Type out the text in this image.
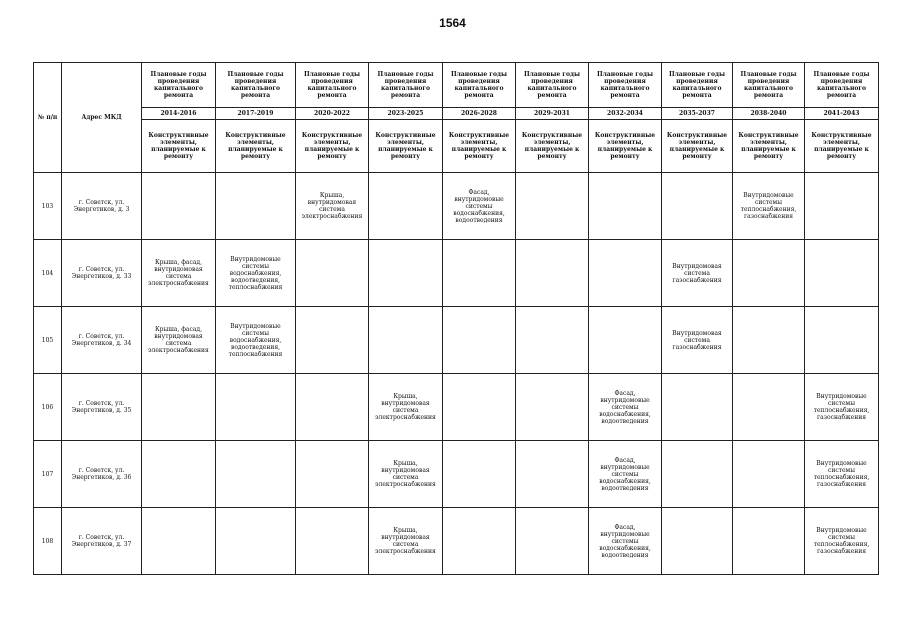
1564
№ п/п	Адрес МКД	Плановые годы проведения капитального ремонта	Плановые годы проведения капитального ремонта	Плановые годы проведения капитального ремонта	Плановые годы проведения капитального ремонта	Плановые годы проведения капитального ремонта	Плановые годы проведения капитального ремонта	Плановые годы проведения капитального ремонта	Плановые годы проведения капитального ремонта	Плановые годы проведения капитального ремонта	Плановые годы проведения капитального ремонта
		2014-2016	2017-2019	2020-2022	2023-2025	2026-2028	2029-2031	2032-2034	2035-2037	2038-2040	2041-2043
		Конструктивные элементы, планируемые к ремонту	Конструктивные элементы, планируемые к ремонту	Конструктивные элементы, планируемые к ремонту	Конструктивные элементы, планируемые к ремонту	Конструктивные элементы, планируемые к ремонту	Конструктивные элементы, планируемые к ремонту	Конструктивные элементы, планируемые к ремонту	Конструктивные элементы, планируемые к ремонту	Конструктивные элементы, планируемые к ремонту	Конструктивные элементы, планируемые к ремонту
103	г. Советск, ул. Энергетиков, д. 3			Крыша, внутридомовая система электроснабжения		Фасад, внутридомовые системы водоснабжения, водоотведения				Внутридомовые системы теплоснабжения, газоснабжения	
104	г. Советск, ул. Энергетиков, д. 33	Крыша, фасад, внутридомовая система электроснабжения	Внутридомовые системы водоснабжения, водоотведения, теплоснабжения						Внутридомовая система газоснабжения		
105	г. Советск, ул. Энергетиков, д. 34	Крыша, фасад, внутридомовая система электроснабжения	Внутридомовые системы водоснабжения, водоотведения, теплоснабжения						Внутридомовая система газоснабжения		
106	г. Советск, ул. Энергетиков, д. 35				Крыша, внутридомовая система электроснабжения			Фасад, внутридомовые системы водоснабжения, водоотведения			Внутридомовые системы теплоснабжения, газоснабжения
107	г. Советск, ул. Энергетиков, д. 36				Крыша, внутридомовая система электроснабжения			Фасад, внутридомовые системы водоснабжения, водоотведения			Внутридомовые системы теплоснабжения, газоснабжения
108	г. Советск, ул. Энергетиков, д. 37				Крыша, внутридомовая система электроснабжения			Фасад, внутридомовые системы водоснабжения, водоотведения			Внутридомовые системы теплоснабжения, газоснабжения
